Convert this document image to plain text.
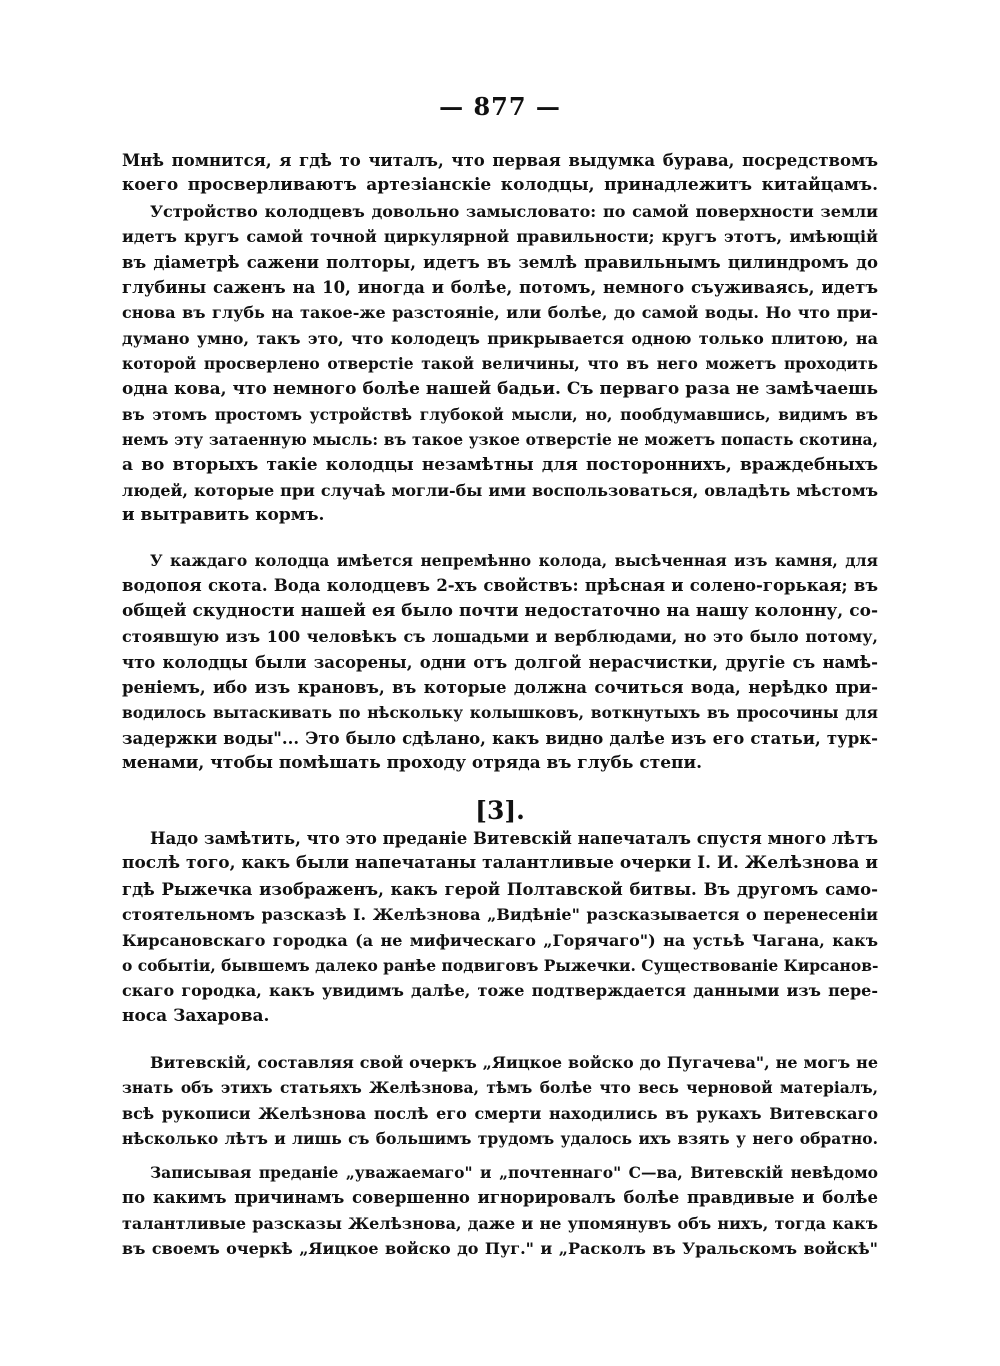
— 877 —
Мнѣ помнится, я гдѣ то читалъ, что первая выдумка бурава, посредствомъ
коего просверливаютъ артезіанскіе колодцы, принадлежитъ китайцамъ.
Устройство колодцевъ довольно замысловато: по самой поверхности земли
идетъ кругъ самой точной циркулярной правильности; кругъ этотъ, имѣющій
въ діаметрѣ сажени полторы, идетъ въ землѣ правильнымъ цилиндромъ до
глубины саженъ на 10, иногда и болѣе, потомъ, немного съуживаясь, идетъ
снова въ глубь на такое-же разстояніе, или болѣе, до самой воды. Но что при-
думано умно, такъ это, что колодецъ прикрывается одною только плитою, на
которой просверлено отверстіе такой величины, что въ него можетъ проходить
одна кова, что немного болѣе нашей бадьи. Съ перваго раза не замѣчаешь
въ этомъ простомъ устройствѣ глубокой мысли, но, пообдумавшись, видимъ въ
немъ эту затаенную мысль: въ такое узкое отверстіе не можетъ попасть скотина,
а во вторыхъ такіе колодцы незамѣтны для постороннихъ, враждебныхъ
людей, которые при случаѣ могли-бы ими воспользоваться, овладѣть мѣстомъ
и вытравить кормъ.
У каждаго колодца имѣется непремѣнно колода, высѣченная изъ камня, для
водопоя скота. Вода колодцевъ 2-хъ свойствъ: прѣсная и солено-горькая; въ
общей скудности нашей ея было почти недостаточно на нашу колонну, со-
стоявшую изъ 100 человѣкъ съ лошадьми и верблюдами, но это было потому,
что колодцы были засорены, одни отъ долгой нерасчистки, другіе съ намѣ-
реніемъ, ибо изъ крановъ, въ которые должна сочиться вода, нерѣдко при-
водилось вытаскивать по нѣскольку колышковъ, воткнутыхъ въ просочины для
задержки воды"... Это было сдѣлано, какъ видно далѣе изъ его статьи, турк-
менами, чтобы помѣшать проходу отряда въ глубь степи.
[3].
Надо замѣтить, что это преданіе Витевскій напечаталъ спустя много лѣтъ
послѣ того, какъ были напечатаны талантливые очерки І. И. Желѣзнова и
гдѣ Рыжечка изображенъ, какъ герой Полтавской битвы. Въ другомъ само-
стоятельномъ разсказѣ І. Желѣзнова „Видѣніе" разсказывается о перенесеніи
Кирсановскаго городка (а не мифическаго „Горячаго") на устьѣ Чагана, какъ
о событіи, бывшемъ далеко ранѣе подвиговъ Рыжечки. Существованіе Кирсанов-
скаго городка, какъ увидимъ далѣе, тоже подтверждается данными изъ пере-
носа Захарова.
Витевскій, составляя свой очеркъ „Яицкое войско до Пугачева", не могъ не
знать объ этихъ статьяхъ Желѣзнова, тѣмъ болѣе что весь черновой матеріалъ,
всѣ рукописи Желѣзнова послѣ его смерти находились въ рукахъ Витевскаго
нѣсколько лѣтъ и лишь съ большимъ трудомъ удалось ихъ взять у него обратно.
Записывая преданіе „уважаемаго" и „почтеннаго" С—ва, Витевскій невѣдомо
по какимъ причинамъ совершенно игнорировалъ болѣе правдивые и болѣе
талантливые разсказы Желѣзнова, даже и не упомянувъ объ нихъ, тогда какъ
въ своемъ очеркѣ „Яицкое войско до Пуг." и „Расколъ въ Уральскомъ войскѣ"
